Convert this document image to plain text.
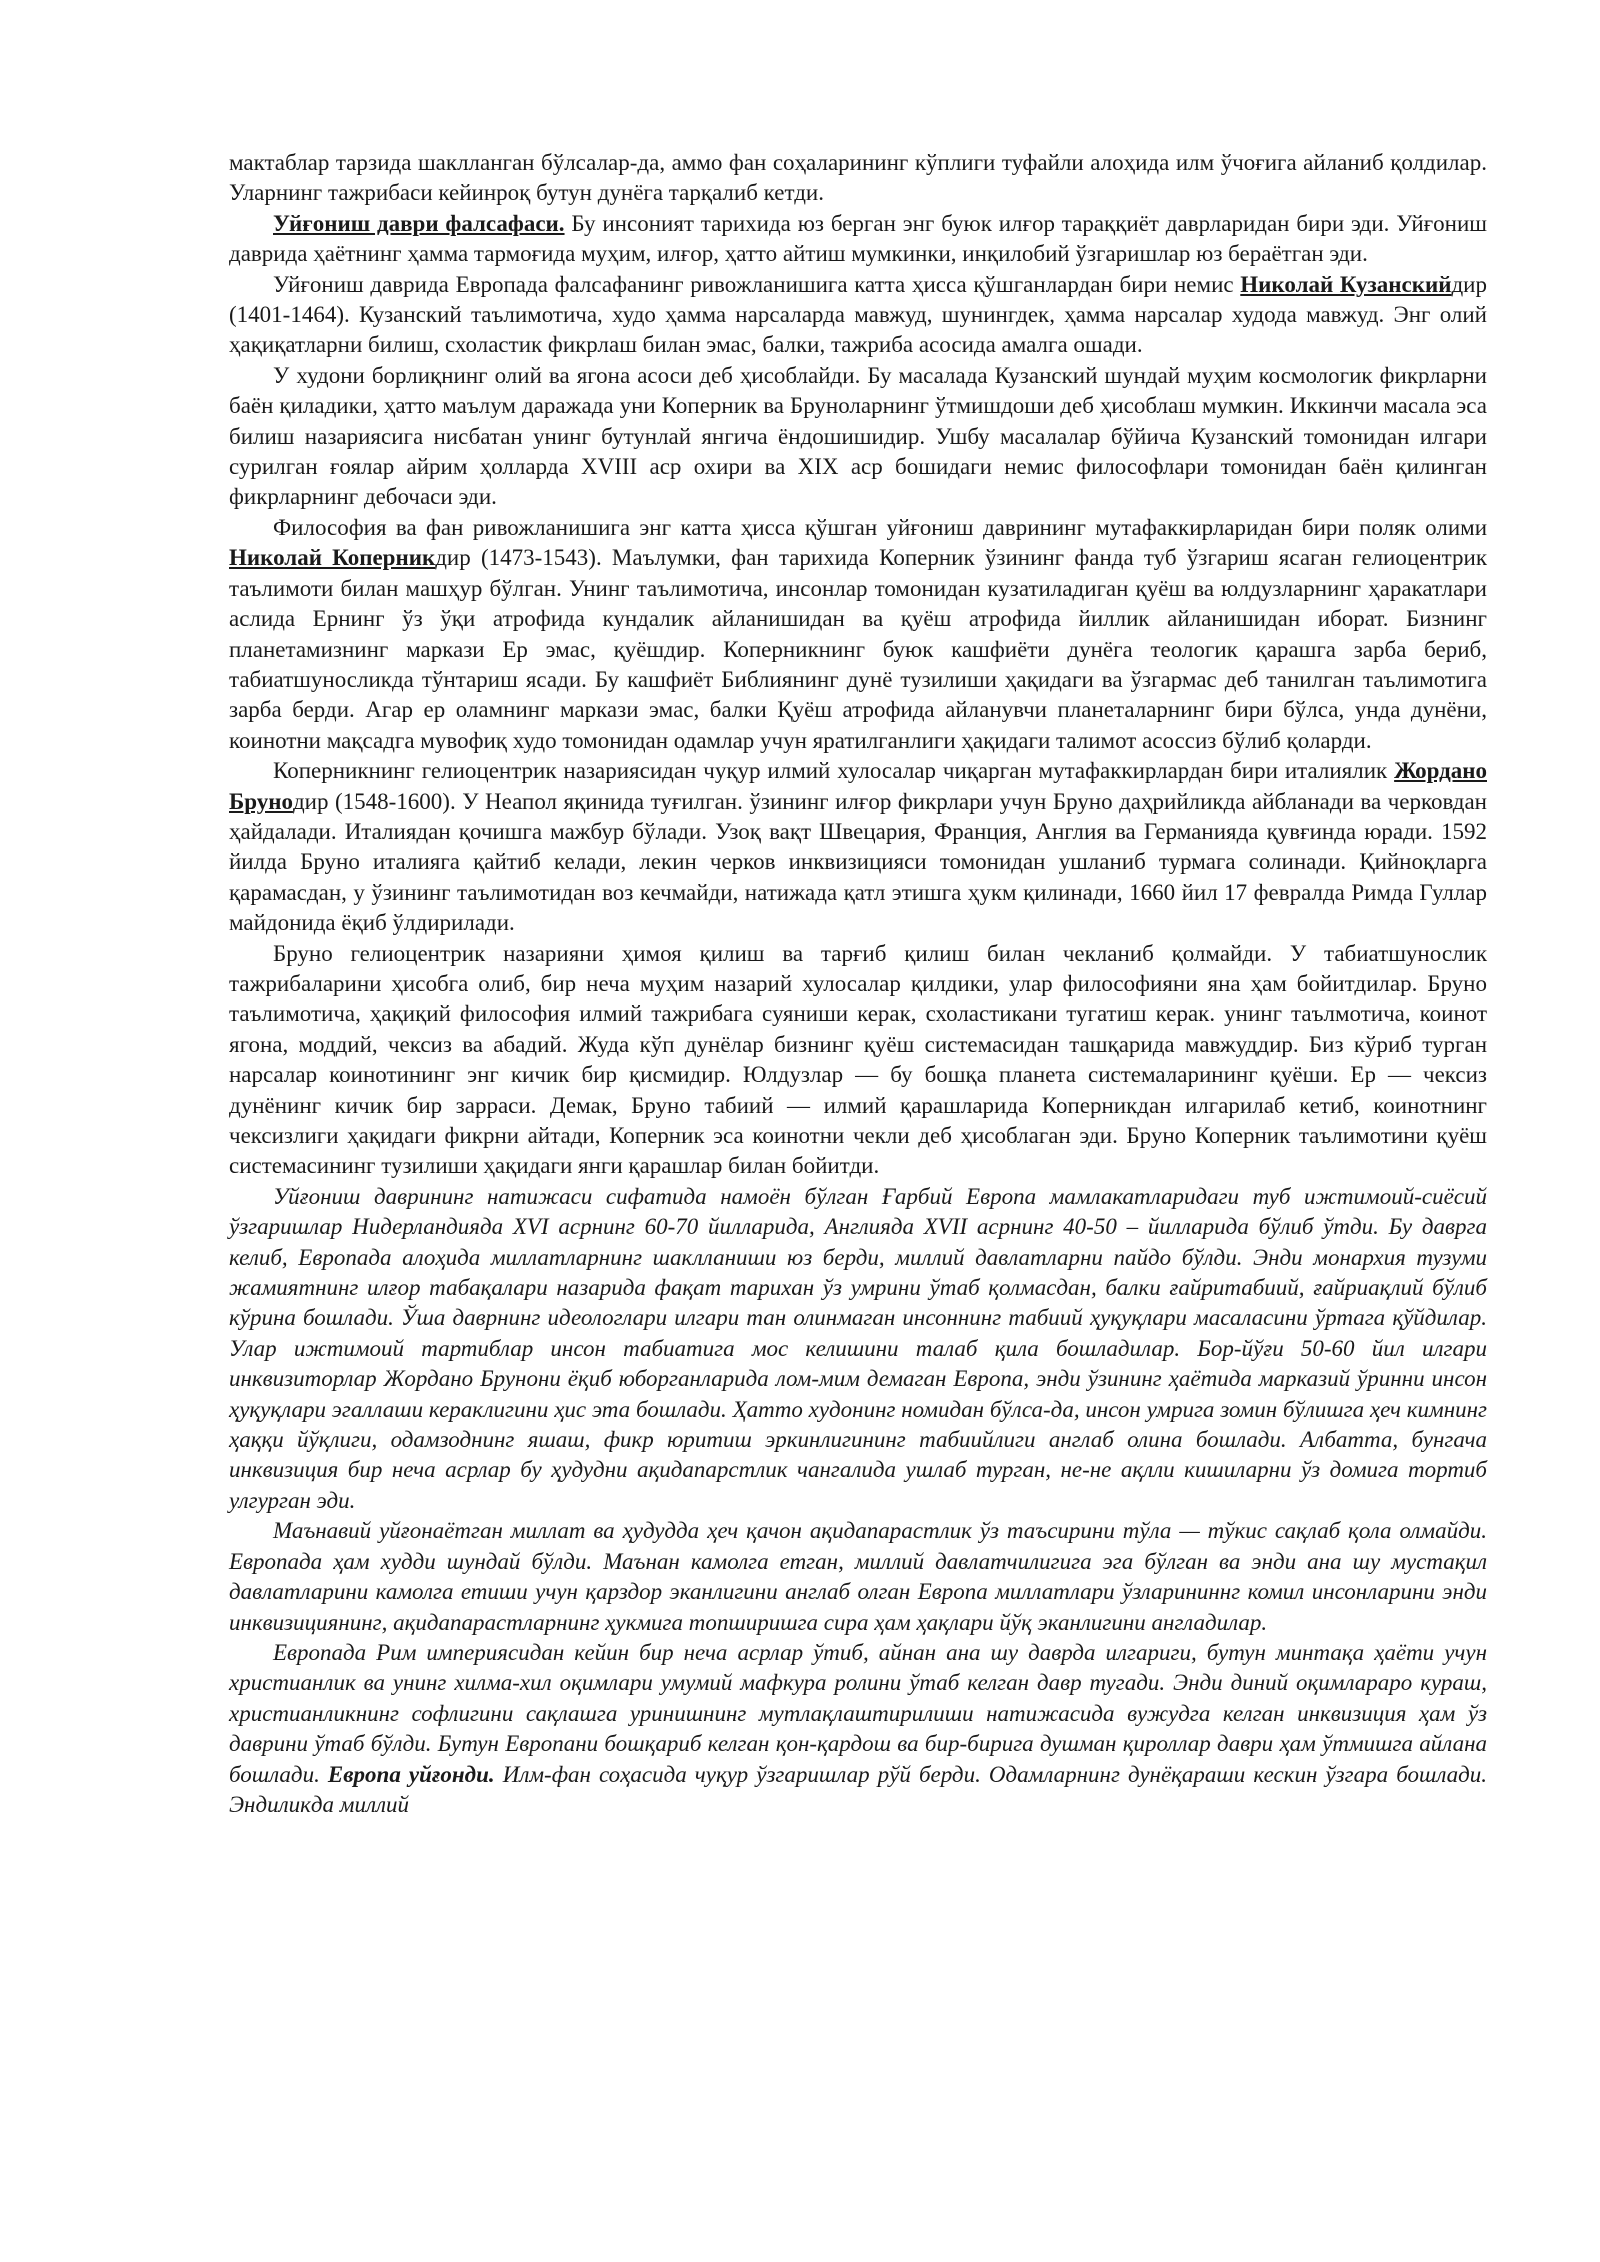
мактаблар тарзида шаклланган бўлсалар-да, аммо фан соҳаларининг кўплиги туфайли алоҳида илм ўчоғига айланиб қолдилар. Уларнинг тажрибаси кейинроқ бутун дунёга тарқалиб кетди.

Уйғониш даври фалсафаси. Бу инсоният тарихида юз берган энг буюк илғор тараққиёт даврларидан бири эди. Уйғониш даврида ҳаётнинг ҳамма тармоғида муҳим, илғор, ҳатто айтиш мумкинки, инқилобий ўзгаришлар юз бераётган эди.

Уйғониш даврида Европада фалсафанинг ривожланишига катта ҳисса қўшганлардан бири немис Николай Кузанскийдир (1401-1464). Кузанский таълимотича, худо ҳамма нарсаларда мавжуд, шунингдек, ҳамма нарсалар худода мавжуд. Энг олий ҳақиқатларни билиш, схоластик фикрлаш билан эмас, балки, тажриба асосида амалга ошади.

У худони борлиқнинг олий ва ягона асоси деб ҳисоблайди. Бу масалада Кузанский шундай муҳим космологик фикрларни баён қиладики, ҳатто маълум даражада уни Коперник ва Бруноларнинг ўтмишдоши деб ҳисоблаш мумкин. Иккинчи масала эса билиш назариясига нисбатан унинг бутунлай янгича ёндошишидир. Ушбу масалалар бўйича Кузанский томонидан илгари сурилган ғоялар айрим ҳолларда XVIII аср охири ва XIX аср бошидаги немис философлари томонидан баён қилинган фикрларнинг дебочаси эди.

Философия ва фан ривожланишига энг катта ҳисса қўшган уйғониш даврининг мутафаккирларидан бири поляк олими Николай Коперникдир (1473-1543). Маълумки, фан тарихида Коперник ўзининг фанда туб ўзгариш ясаган гелиоцентрик таълимоти билан машҳур бўлган. Унинг таълимотича, инсонлар томонидан кузатиладиган қуёш ва юлдузларнинг ҳаракатлари аслида Ернинг ўз ўқи атрофида кундалик айланишидан ва қуёш атрофида йиллик айланишидан иборат. Бизнинг планетамизнинг маркази Ер эмас, қуёшдир. Коперникнинг буюк кашфиёти дунёга теологик қарашга зарба бериб, табиатшуносликда тўнтариш ясади. Бу кашфиёт Библиянинг дунё тузилиши ҳақидаги ва ўзгармас деб танилган таълимотига зарба берди. Агар ер оламнинг маркази эмас, балки Қуёш атрофида айланувчи планеталарнинг бири бўлса, унда дунёни, коинотни мақсадга мувофиқ худо томонидан одамлар учун яратилганлиги ҳақидаги талимот асоссиз бўлиб қоларди.

Коперникнинг гелиоцентрик назариясидан чуқур илмий хулосалар чиқарган мутафаккирлардан бири италиялик Жордано Брунодир (1548-1600). У Неапол яқинида туғилган. ўзининг илғор фикрлари учун Бруно даҳрийликда айбланади ва черковдан ҳайдалади. Италиядан қочишга мажбур бўлади. Узоқ вақт Швецария, Франция, Англия ва Германияда қувғинда юради. 1592 йилда Бруно италияга қайтиб келади, лекин черков инквизицияси томонидан ушланиб турмага солинади. Қийноқларга қарамасдан, у ўзининг таълимотидан воз кечмайди, натижада қатл этишга ҳукм қилинади, 1660 йил 17 февралда Римда Гуллар майдонида ёқиб ўлдирилади.

Бруно гелиоцентрик назарияни ҳимоя қилиш ва тарғиб қилиш билан чекланиб қолмайди. У табиатшунослик тажрибаларини ҳисобга олиб, бир неча муҳим назарий хулосалар қилдики, улар философияни яна ҳам бойитдилар. Бруно таълимотича, ҳақиқий философия илмий тажрибага суяниши керак, схоластикани тугатиш керак. унинг таълмотича, коинот ягона, моддий, чексиз ва абадий. Жуда кўп дунёлар бизнинг қуёш системасидан ташқарида мавжуддир. Биз кўриб турган нарсалар коинотининг энг кичик бир қисмидир. Юлдузлар — бу бошқа планета системаларининг қуёши. Ер — чексиз дунёнинг кичик бир зарраси. Демак, Бруно табиий — илмий қарашларида Коперникдан илгарилаб кетиб, коинотнинг чексизлиги ҳақидаги фикрни айтади, Коперник эса коинотни чекли деб ҳисоблаган эди. Бруно Коперник таълимотини қуёш системасининг тузилиши ҳақидаги янги қарашлар билан бойитди.

Уйғониш даврининг натижаси сифатида намоён бўлган Ғарбий Европа мамлакатларидаги туб ижтимоий-сиёсий ўзгаришлар Нидерландияда XVI асрнинг 60-70 йилларида, Англияда XVII асрнинг 40-50 – йилларида бўлиб ўтди. Бу даврга келиб, Европада алоҳида миллатларнинг шаклланиши юз берди, миллий давлатларни пайдо бўлди. Энди монархия тузуми жамиятнинг илғор табақалари назарида фақат тарихан ўз умрини ўтаб қолмасдан, балки ғайритабиий, ғайриақлий бўлиб кўрина бошлади. Ўша даврнинг идеологлари илгари тан олинмаган инсоннинг табиий ҳуқуқлари масаласини ўртага қўйдилар. Улар ижтимоий тартиблар инсон табиатига мос келишини талаб қила бошладилар. Бор-йўғи 50-60 йил илгари инквизиторлар Жордано Брунони ёқиб юборганларида лом-мим демаган Европа, энди ўзининг ҳаётида марказий ўринни инсон ҳуқуқлари эгаллаши кераклигини ҳис эта бошлади. Ҳатто худонинг номидан бўлса-да, инсон умрига зомин бўлишга ҳеч кимнинг ҳаққи йўқлиги, одамзоднинг яшаш, фикр юритиш эркинлигининг табиийлиги англаб олина бошлади. Албатта, бунгача инквизиция бир неча асрлар бу ҳудудни ақидапарстлик чангалида ушлаб турган, не-не ақлли кишиларни ўз домига тортиб улгурган эди.

Маънавий уйғонаётган миллат ва ҳудудда ҳеч қачон ақидапарастлик ўз таъсирини тўла — тўкис сақлаб қола олмайди. Европада ҳам худди шундай бўлди. Маънан камолга етган, миллий давлатчилигига эга бўлган ва энди ана шу мустақил давлатларини камолга етиши учун қарздор эканлигини англаб олган Европа миллатлари ўзларининнг комил инсонларини энди инквизициянинг, ақидапарастларнинг ҳукмига топширишга сира ҳам ҳақлари йўқ эканлигини англадилар.

Европада Рим империясидан кейин бир неча асрлар ўтиб, айнан ана шу даврда илгариги, бутун минтақа ҳаёти учун христианлик ва унинг хилма-хил оқимлари умумий мафкура ролини ўтаб келган давр тугади. Энди диний оқимлараро кураш, христианликнинг софлигини сақлашга уринишнинг мутлақлаштирилиши натижасида вужудга келган инквизиция ҳам ўз даврини ўтаб бўлди. Бутун Европани бошқариб келган қон-қардош ва бир-бирига душман қироллар даври ҳам ўтмишга айлана бошлади. Европа уйғонди. Илм-фан соҳасида чуқур ўзгаришлар рўй берди. Одамларнинг дунёқараши кескин ўзгара бошлади. Эндиликда миллий
